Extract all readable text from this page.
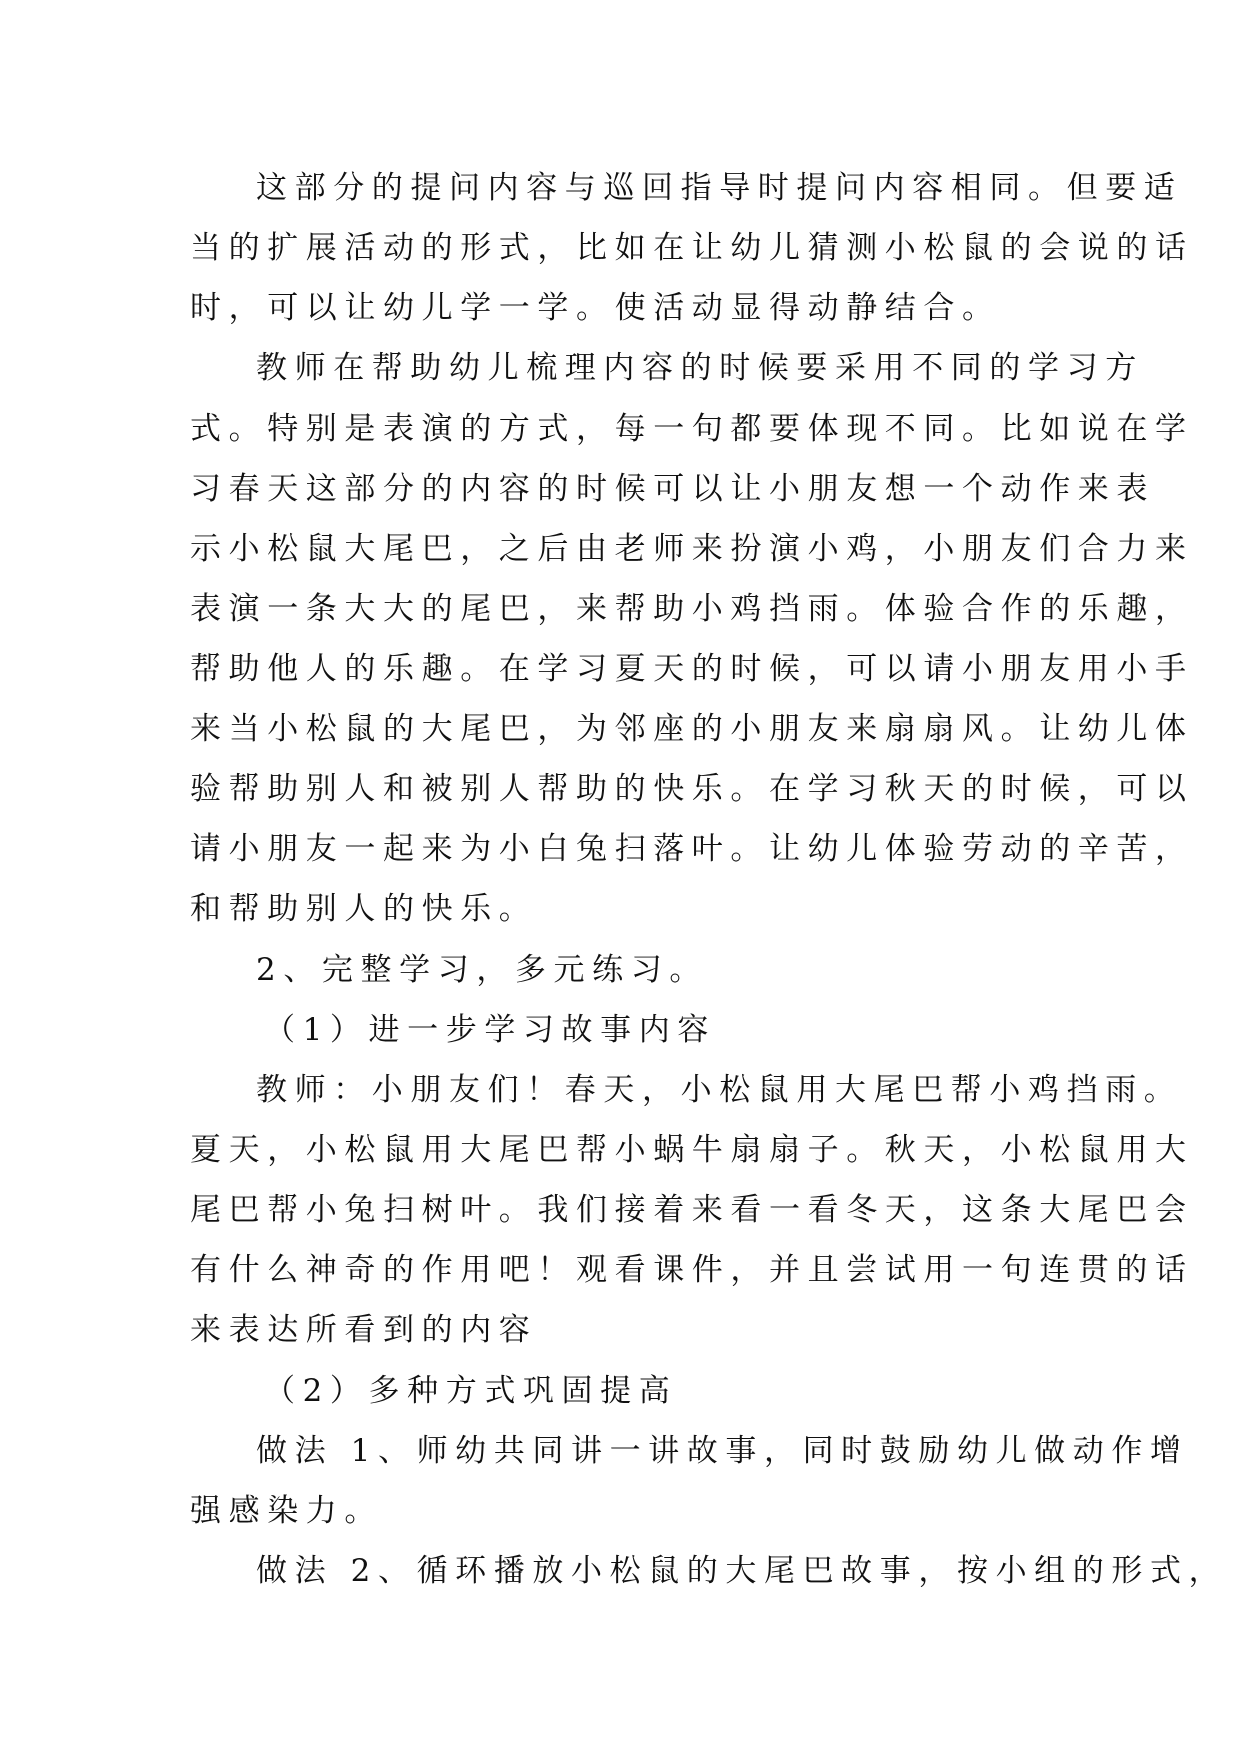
这部分的提问内容与巡回指导时提问内容相同。但要适
当的扩展活动的形式，比如在让幼儿猜测小松鼠的会说的话
时，可以让幼儿学一学。使活动显得动静结合。
教师在帮助幼儿梳理内容的时候要采用不同的学习方
式。特别是表演的方式，每一句都要体现不同。比如说在学
习春天这部分的内容的时候可以让小朋友想一个动作来表
示小松鼠大尾巴，之后由老师来扮演小鸡，小朋友们合力来
表演一条大大的尾巴，来帮助小鸡挡雨。体验合作的乐趣，
帮助他人的乐趣。在学习夏天的时候，可以请小朋友用小手
来当小松鼠的大尾巴，为邻座的小朋友来扇扇风。让幼儿体
验帮助别人和被别人帮助的快乐。在学习秋天的时候，可以
请小朋友一起来为小白兔扫落叶。让幼儿体验劳动的辛苦，
和帮助别人的快乐。
2、完整学习，多元练习。
（1）进一步学习故事内容
教师：小朋友们！春天，小松鼠用大尾巴帮小鸡挡雨。
夏天，小松鼠用大尾巴帮小蜗牛扇扇子。秋天，小松鼠用大
尾巴帮小兔扫树叶。我们接着来看一看冬天，这条大尾巴会
有什么神奇的作用吧！观看课件，并且尝试用一句连贯的话
来表达所看到的内容
（2）多种方式巩固提高
做法 1、师幼共同讲一讲故事，同时鼓励幼儿做动作增
强感染力。
做法 2、循环播放小松鼠的大尾巴故事，按小组的形式，
